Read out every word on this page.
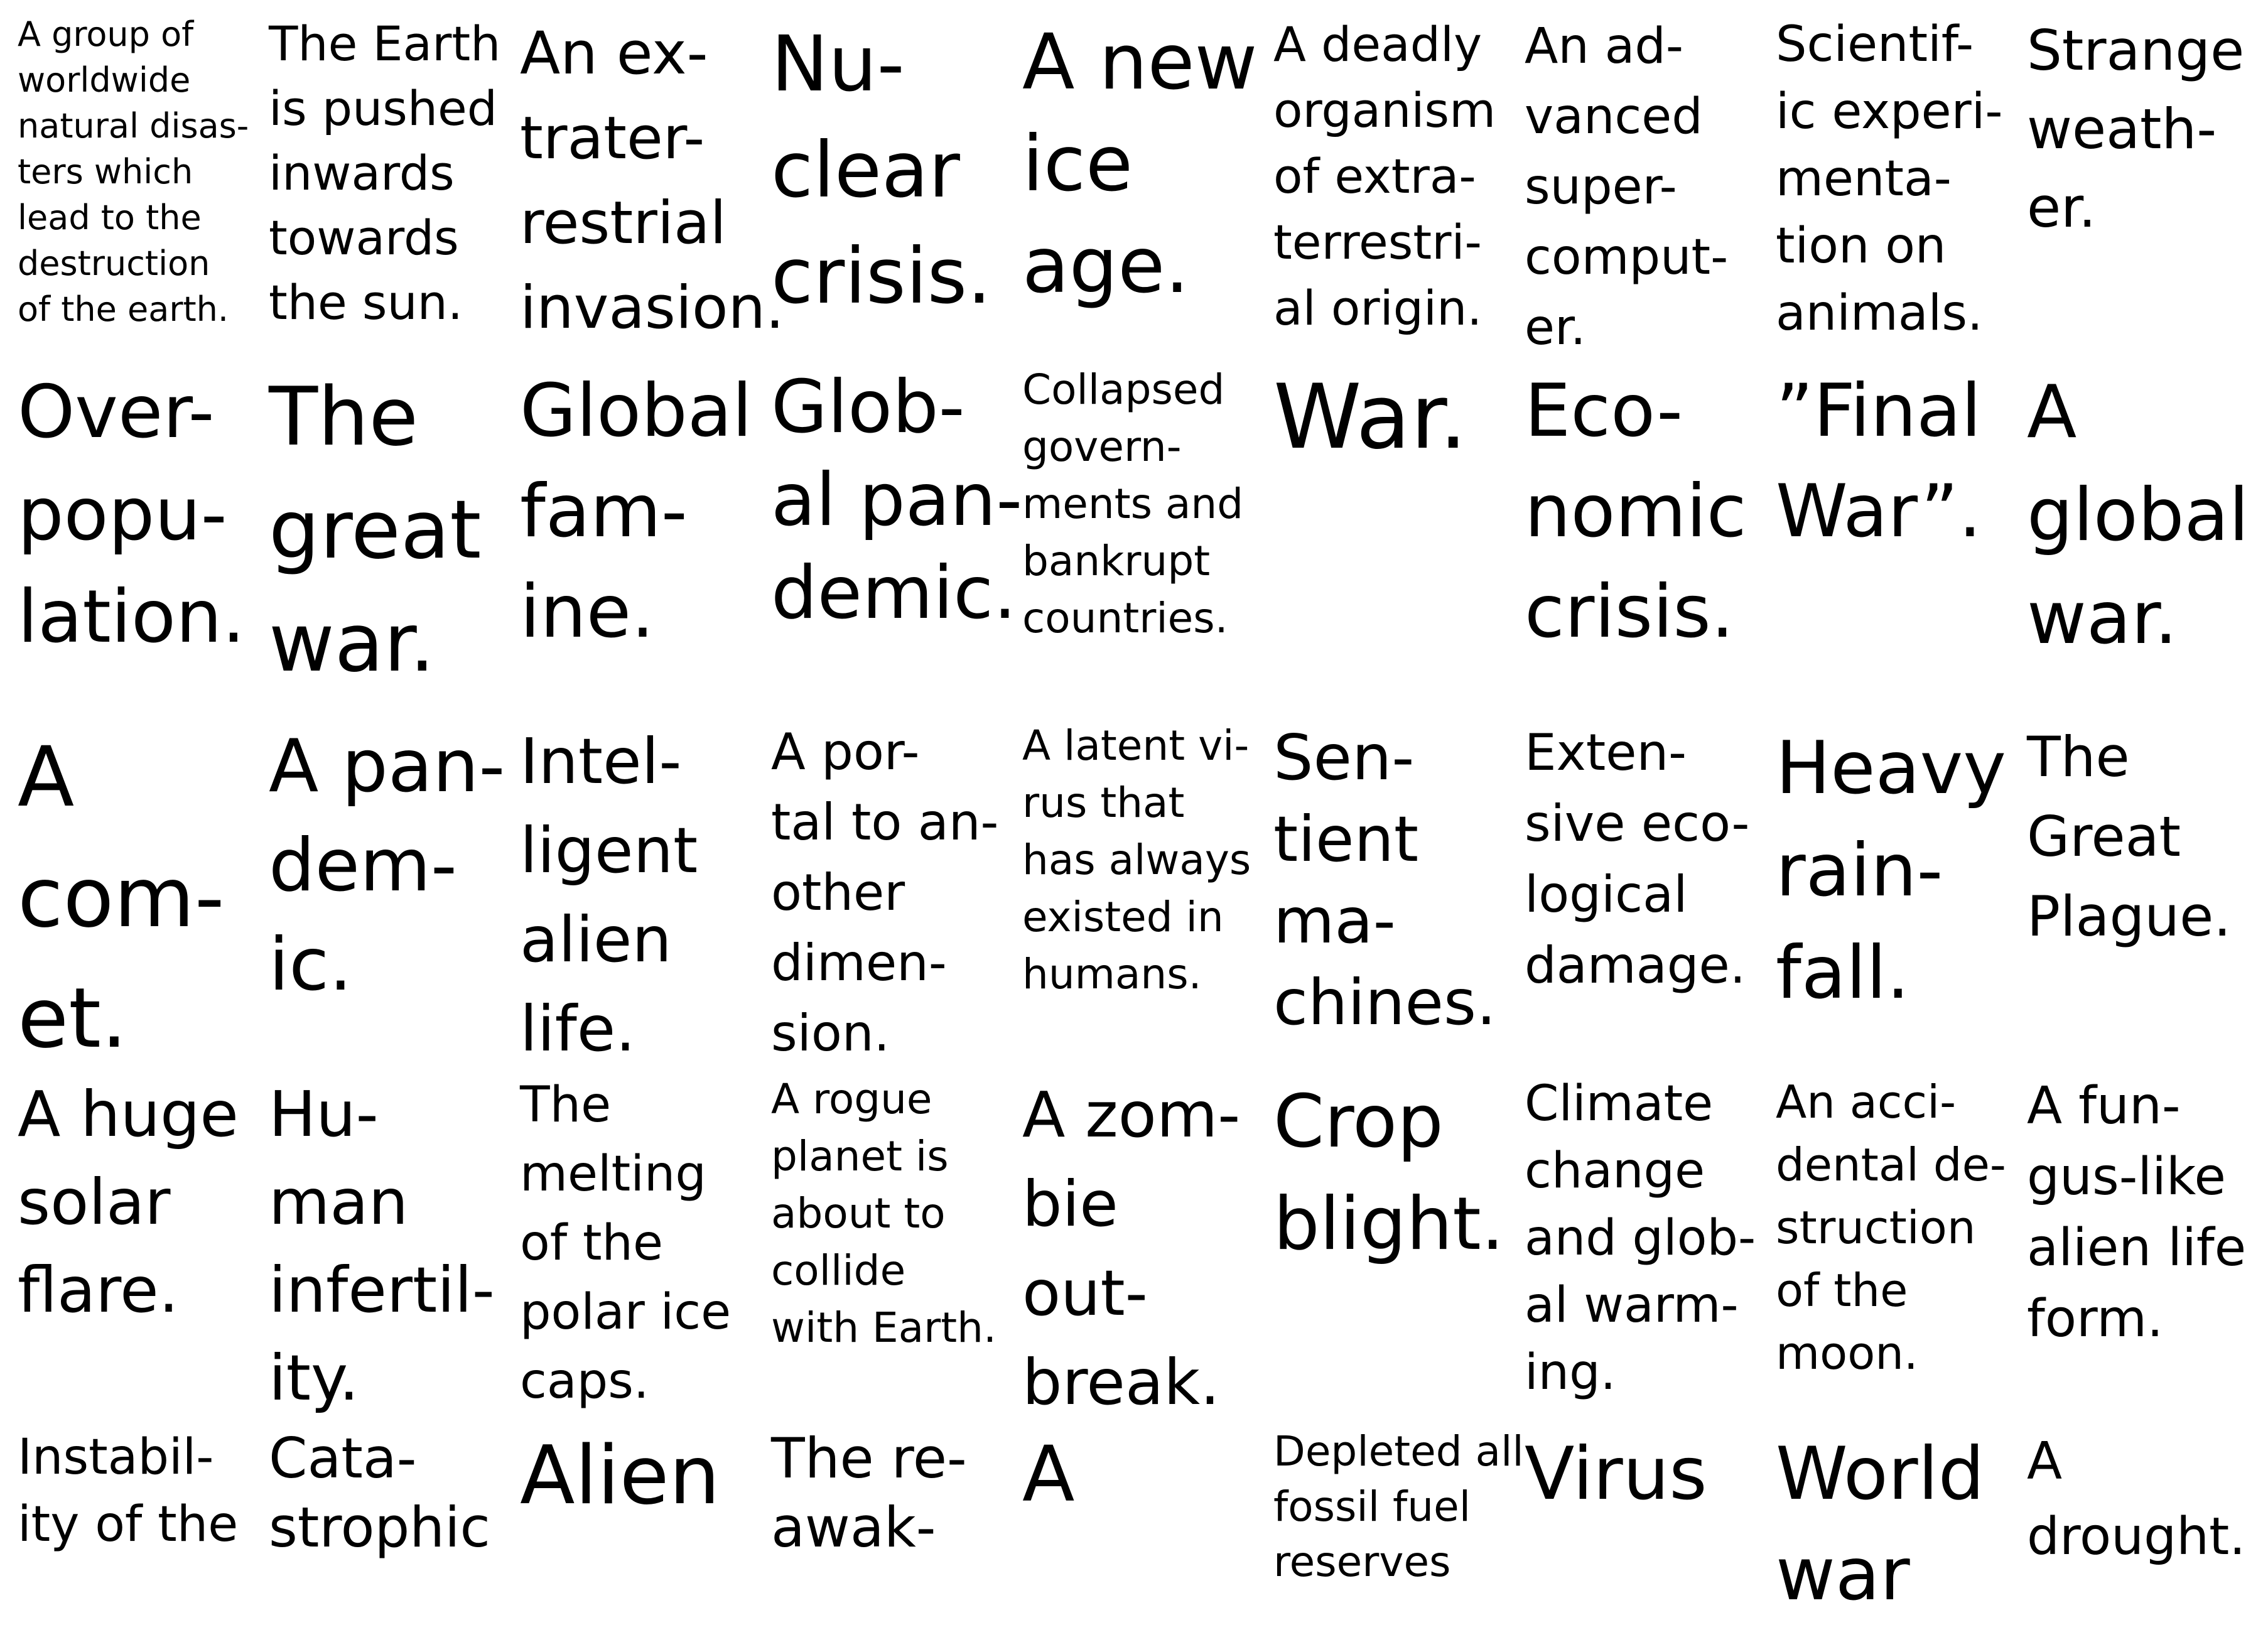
A group of
worldwide
natural disas-
ters which
lead to the
destruction
of the earth.
The Earth
is pushed
inwards
towards
the sun.
An ex-
trater-
restrial
invasion.
Nu-
clear
crisis.
A new
ice
age.
A deadly
organism
of extra-
terrestri-
al origin.
An ad-
vanced
super-
comput-
er.
Scientif-
ic experi-
menta-
tion on
animals.
Strange
weath-
er.
Over-
popu-
lation.
The
great
war.
Global
fam-
ine.
Glob-
al pan-
demic.
Collapsed
govern-
ments and
bankrupt
countries.
War. Eco-
nomic
crisis.
”Final
War”.
A
global
war.
A
com-
et.
A pan-
dem-
ic.
Intel-
ligent
alien
life.
A por-
tal to an-
other
dimen-
sion.
A latent vi-
rus that
has always
existed in
humans.
Sen-
tient
ma-
chines.
Exten-
sive eco-
logical
damage.
Heavy
rain-
fall.
The
Great
Plague.
A huge
solar
flare.
Hu-
man
infertil-
ity.
The
melting
of the
polar ice
caps.
A rogue
planet is
about to
collide
with Earth.
A zom-
bie
out-
break.
Crop
blight.
Climate
change
and glob-
al warm-
ing.
An acci-
dental de-
struction
of the
moon.
A fun-
gus-like
alien life
form.
Instabil-
ity of the
Cata-
strophic
Alien The re-
awak-
A	Depleted all
fossil fuel
reserves
Virus World
war
A
drought.
